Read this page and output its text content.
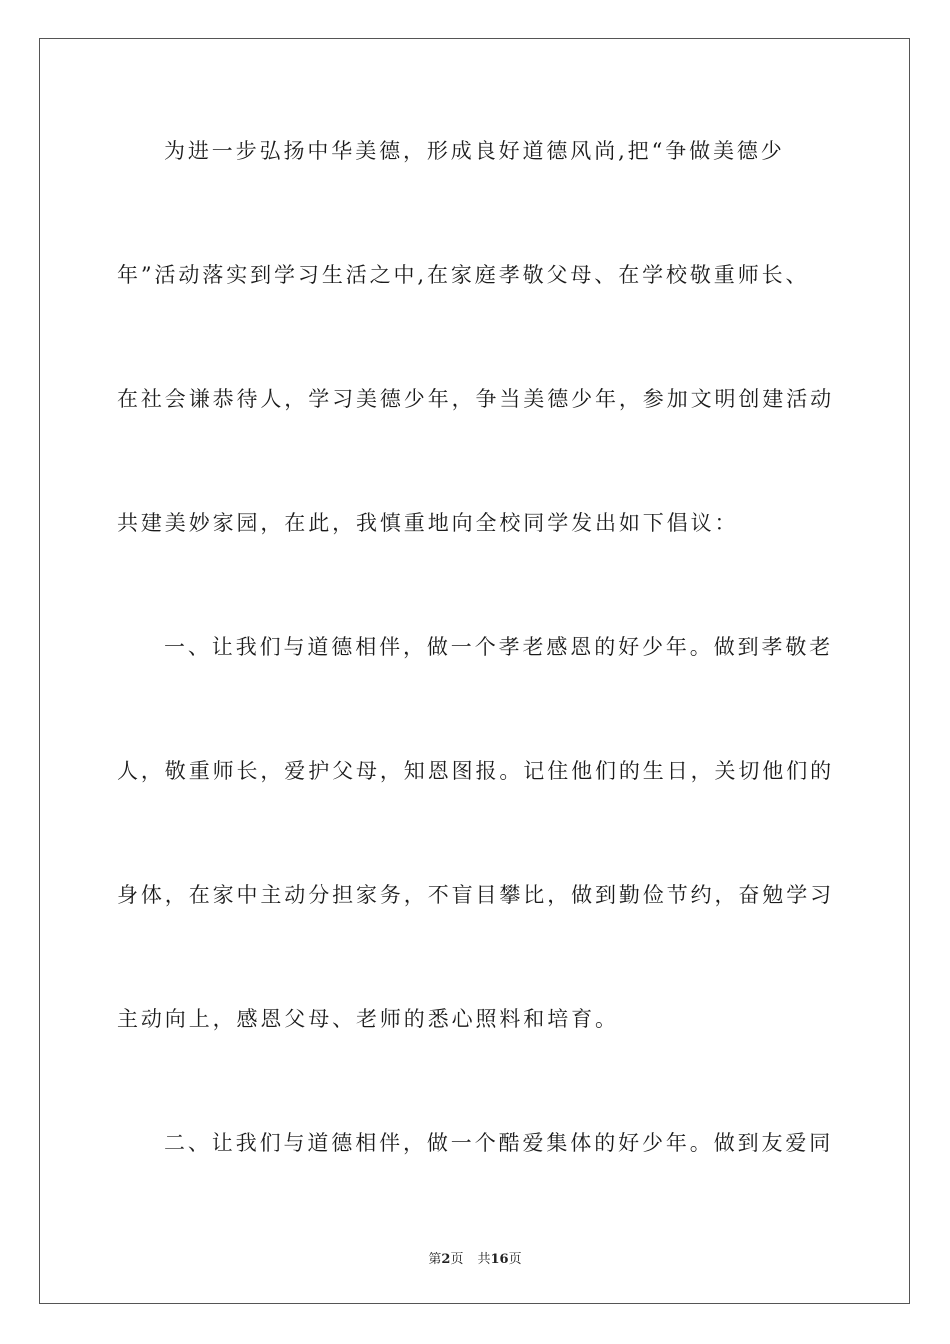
为进一步弘扬中华美德，形成良好道德风尚,把“争做美德少
年”活动落实到学习生活之中,在家庭孝敬父母、在学校敬重师长、
在社会谦恭待人，学习美德少年，争当美德少年，参加文明创建活动
共建美妙家园，在此，我慎重地向全校同学发出如下倡议：
一、让我们与道德相伴，做一个孝老感恩的好少年。做到孝敬老
人，敬重师长，爱护父母，知恩图报。记住他们的生日，关切他们的
身体，在家中主动分担家务，不盲目攀比，做到勤俭节约，奋勉学习
主动向上，感恩父母、老师的悉心照料和培育。
二、让我们与道德相伴，做一个酷爱集体的好少年。做到友爱同
第2页 共16页
